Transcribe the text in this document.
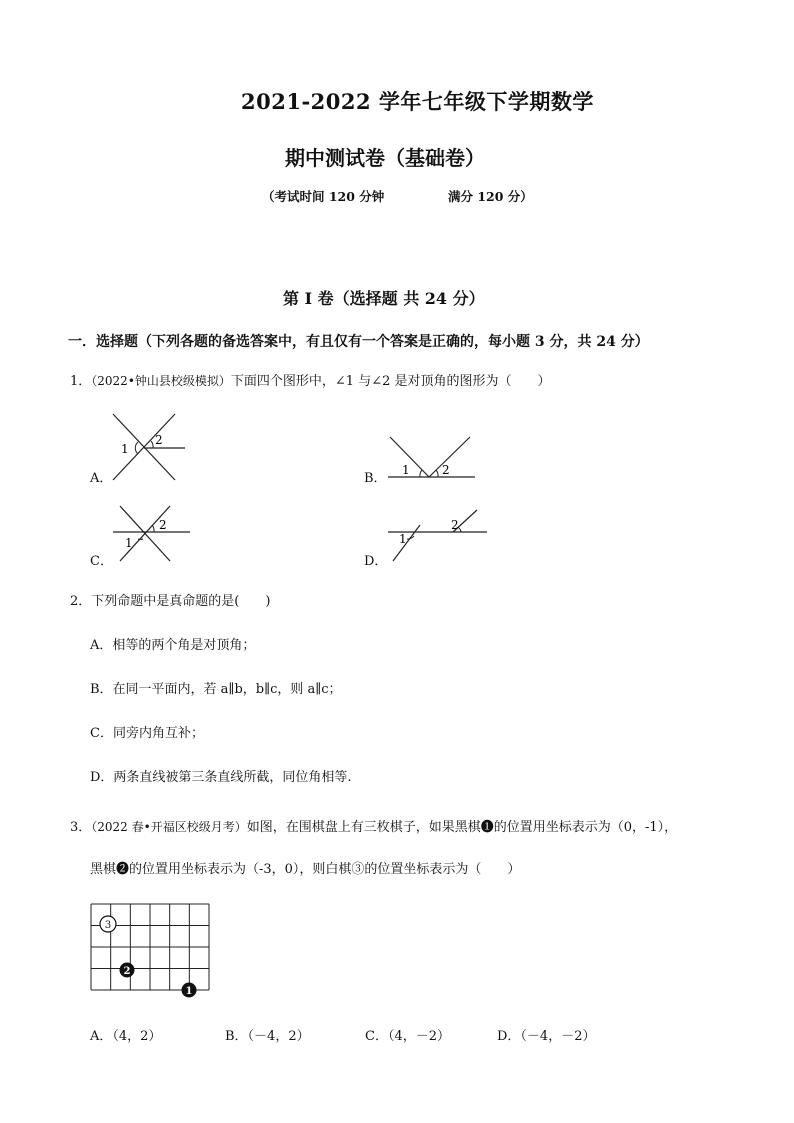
2021-2022 学年七年级下学期数学
期中测试卷（基础卷）
（考试时间 120 分钟	满分 120 分）
第 I 卷（选择题 共 24 分）
一．选择题（下列各题的备选答案中，有且仅有一个答案是正确的，每小题 3 分，共 24 分）
1．（2022•钟山县校级模拟）下面四个图形中，∠1 与∠2 是对顶角的图形为（　　）
A．
1
2
B．
1	2
C．
1
2
D．
1
2
2．下列命题中是真命题的是(　　)
A．相等的两个角是对顶角；
B．在同一平面内，若 a∥b，b∥c，则 a∥c；
C．同旁内角互补；
D．两条直线被第三条直线所截，同位角相等.
3．（2022 春•开福区校级月考）如图，在围棋盘上有三枚棋子，如果黑棋❶的位置用坐标表示为（0，-1），
黑棋❷的位置用坐标表示为（-3，0），则白棋③的位置坐标表示为（　　）
3
2
1
A．（4，2）	B．（－4，2）	C．（4，－2）	D．（－4，－2）
